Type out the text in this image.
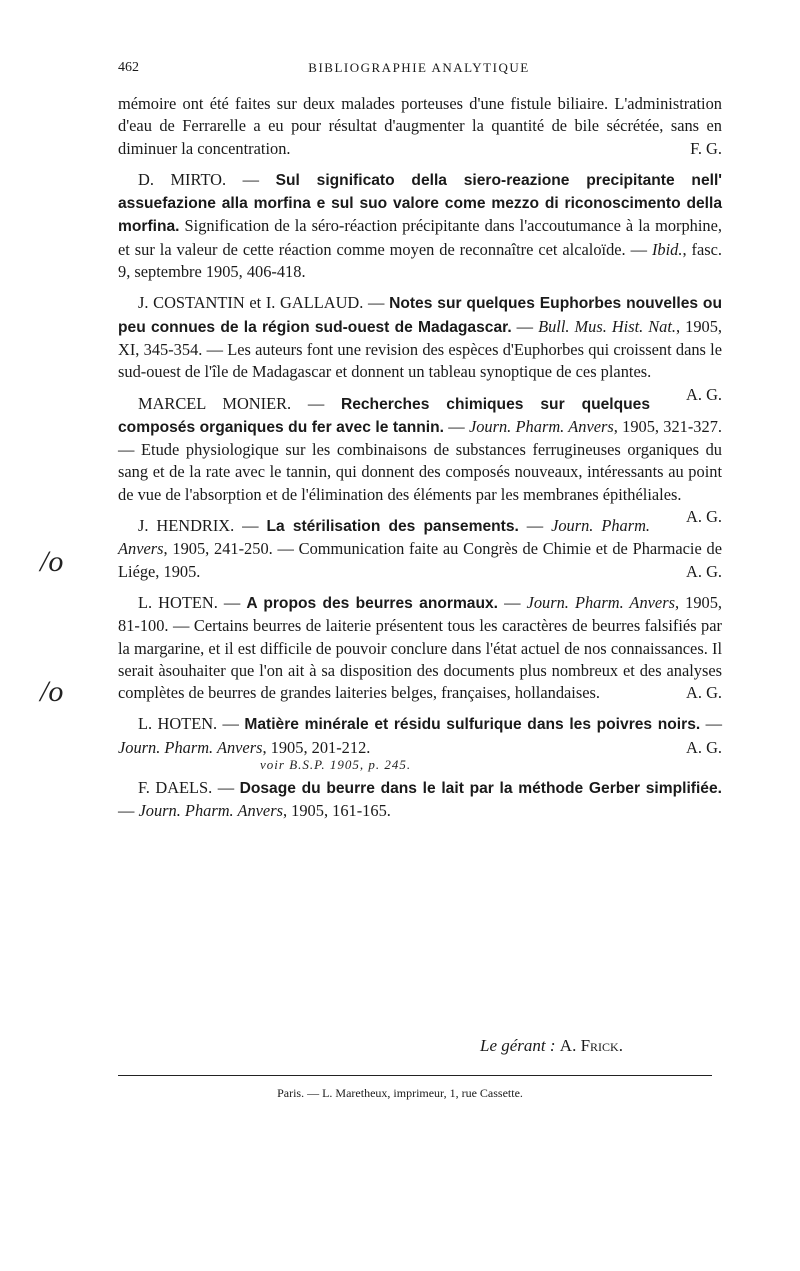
462	BIBLIOGRAPHIE ANALYTIQUE
/o
/o

mémoire ont été faites sur deux malades porteuses d'une fistule biliaire. L'administration d'eau de Ferrarelle a eu pour résultat d'augmenter la quantité de bile sécrétée, sans en diminuer la concentration.	F. G.

D. MIRTO. — Sul significato della siero-reazione precipitante nell' assuefazione alla morfina e sul suo valore come mezzo di riconoscimento della morfina. Signification de la séro-réaction précipitante dans l'accoutumance à la morphine, et sur la valeur de cette réaction comme moyen de reconnaître cet alcaloïde. — Ibid., fasc. 9, septembre 1905, 406-418.

J. COSTANTIN et I. GALLAUD. — Notes sur quelques Euphorbes nouvelles ou peu connues de la région sud-ouest de Madagascar. — Bull. Mus. Hist. Nat., 1905, XI, 345-354. — Les auteurs font une revision des espèces d'Euphorbes qui croissent dans le sud-ouest de l'île de Madagascar et donnent un tableau synoptique de ces plantes.
A. G.

MARCEL MONIER. — Recherches chimiques sur quelques composés organiques du fer avec le tannin. — Journ. Pharm. Anvers, 1905, 321-327. — Etude physiologique sur les combinaisons de substances ferrugineuses organiques du sang et de la rate avec le tannin, qui donnent des composés nouveaux, intéressants au point de vue de l'absorption et de l'élimination des éléments par les membranes épithéliales.
A. G.

J. HENDRIX. — La stérilisation des pansements. — Journ. Pharm. Anvers, 1905, 241-250. — Communication faite au Congrès de Chimie et de Pharmacie de Liége, 1905.	A. G.

L. HOTEN. — A propos des beurres anormaux. — Journ. Pharm. Anvers, 1905, 81-100. — Certains beurres de laiterie présentent tous les caractères de beurres falsifiés par la margarine, et il est difficile de pouvoir conclure dans l'état actuel de nos connaissances. Il serait àsouhaiter que l'on ait à sa disposition des documents plus nombreux et des analyses complètes de beurres de grandes laiteries belges, françaises, hollandaises.	A. G.

L. HOTEN. — Matière minérale et résidu sulfurique dans les poivres noirs. — Journ. Pharm. Anvers, 1905, 201-212.	A. G.

voir B.S.P. 1905, p. 245.

F. DAELS. — Dosage du beurre dans le lait par la méthode Gerber simplifiée. — Journ. Pharm. Anvers, 1905, 161-165.

Le gérant : A. Frick.
Paris. — L. Maretheux, imprimeur, 1, rue Cassette.
